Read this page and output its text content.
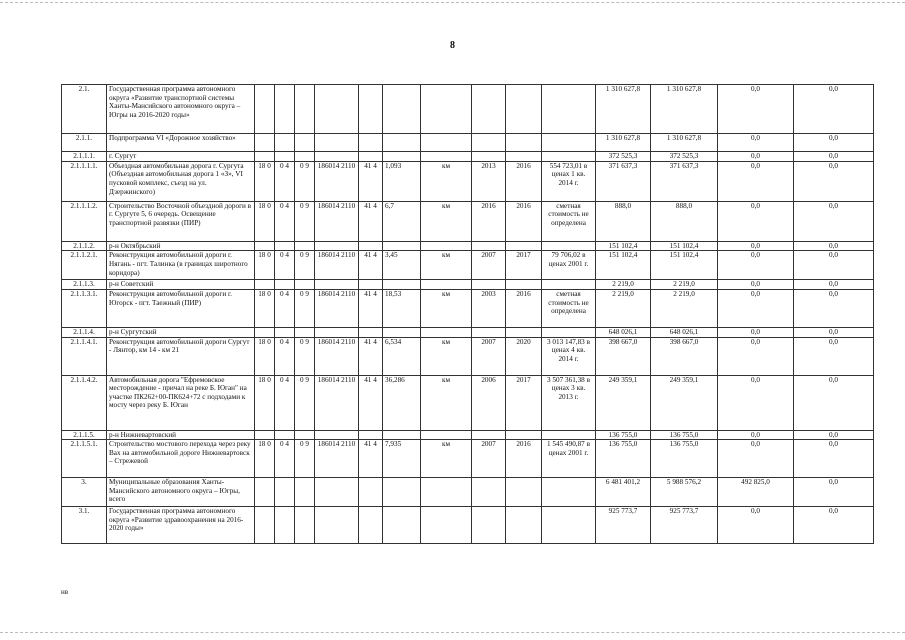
8
2.1.	Государственная программа автономного округа «Развитие транспортной системы Ханты-Мансийского автономного округа – Югры на 2016-2020 годы»											1 310 627,8	1 310 627,8	0,0	0,0
2.1.1.	Подпрограмма VI «Дорожное хозяйство»											1 310 627,8	1 310 627,8	0,0	0,0
2.1.1.1.	г. Сургут											372 525,3	372 525,3	0,0	0,0
2.1.1.1.1.	Объездная автомобильная дорога г. Сургута (Объездная автомобильная дорога 1 «З», VI пусковой комплекс, съезд на ул. Дзержинского)	18 0	0 4	0 9	186014 2110	41 4	1,093	км	2013	2016	554 723,01 в ценах 1 кв. 2014 г.	371 637,3	371 637,3	0,0	0,0
2.1.1.1.2.	Строительство Восточной объездной дороги в г. Сургуте 5, 6 очередь. Освещение транспортной развязки (ПИР)	18 0	0 4	0 9	186014 2110	41 4	6,7	км	2016	2016	сметная стоимость не определена	888,0	888,0	0,0	0,0
2.1.1.2.	р-н Октябрьский											151 102,4	151 102,4	0,0	0,0
2.1.1.2.1.	Реконструкция автомобильной дороги г. Нягань - пгт. Талинка (в границах широтного коридора)	18 0	0 4	0 9	186014 2110	41 4	3,45	км	2007	2017	79 706,02 в ценах 2001 г.	151 102,4	151 102,4	0,0	0,0
2.1.1.3.	р-н Советский											2 219,0	2 219,0	0,0	0,0
2.1.1.3.1.	Реконструкция автомобильной дороги г. Югорск - пгт. Таежный (ПИР)	18 0	0 4	0 9	186014 2110	41 4	18,53	км	2003	2016	сметная стоимость не определена	2 219,0	2 219,0	0,0	0,0
2.1.1.4.	р-н Сургутский											648 026,1	648 026,1	0,0	0,0
2.1.1.4.1.	Реконструкция автомобильной дороги Сургут - Лянтор, км 14 - км 21	18 0	0 4	0 9	186014 2110	41 4	6,534	км	2007	2020	3 013 147,83 в ценах 4 кв. 2014 г.	398 667,0	398 667,0	0,0	0,0
2.1.1.4.2.	Автомобильная дорога "Ефремовское месторождение - причал на реке Б. Юган" на участке ПК262+00-ПК624+72 с подходами к мосту через реку Б. Юган	18 0	0 4	0 9	186014 2110	41 4	36,286	км	2006	2017	3 507 361,38 в ценах 3 кв. 2013 г.	249 359,1	249 359,1	0,0	0,0
2.1.1.5.	р-н Нижневартовский											136 755,0	136 755,0	0,0	0,0
2.1.1.5.1.	Строительство мостового перехода через реку Вах на автомобильной дороге Нижневартовск – Стрежевой	18 0	0 4	0 9	186014 2110	41 4	7,935	км	2007	2016	1 545 490,87 в ценах 2001 г.	136 755,0	136 755,0	0,0	0,0
3.	Муниципальные образования Ханты-Мансийского автономного округа – Югры, всего											6 481 401,2	5 988 576,2	492 825,0	0,0
3.1.	Государственная программа автономного округа «Развитие здравоохранения на 2016-2020 годы»											925 773,7	925 773,7	0,0	0,0
нв
